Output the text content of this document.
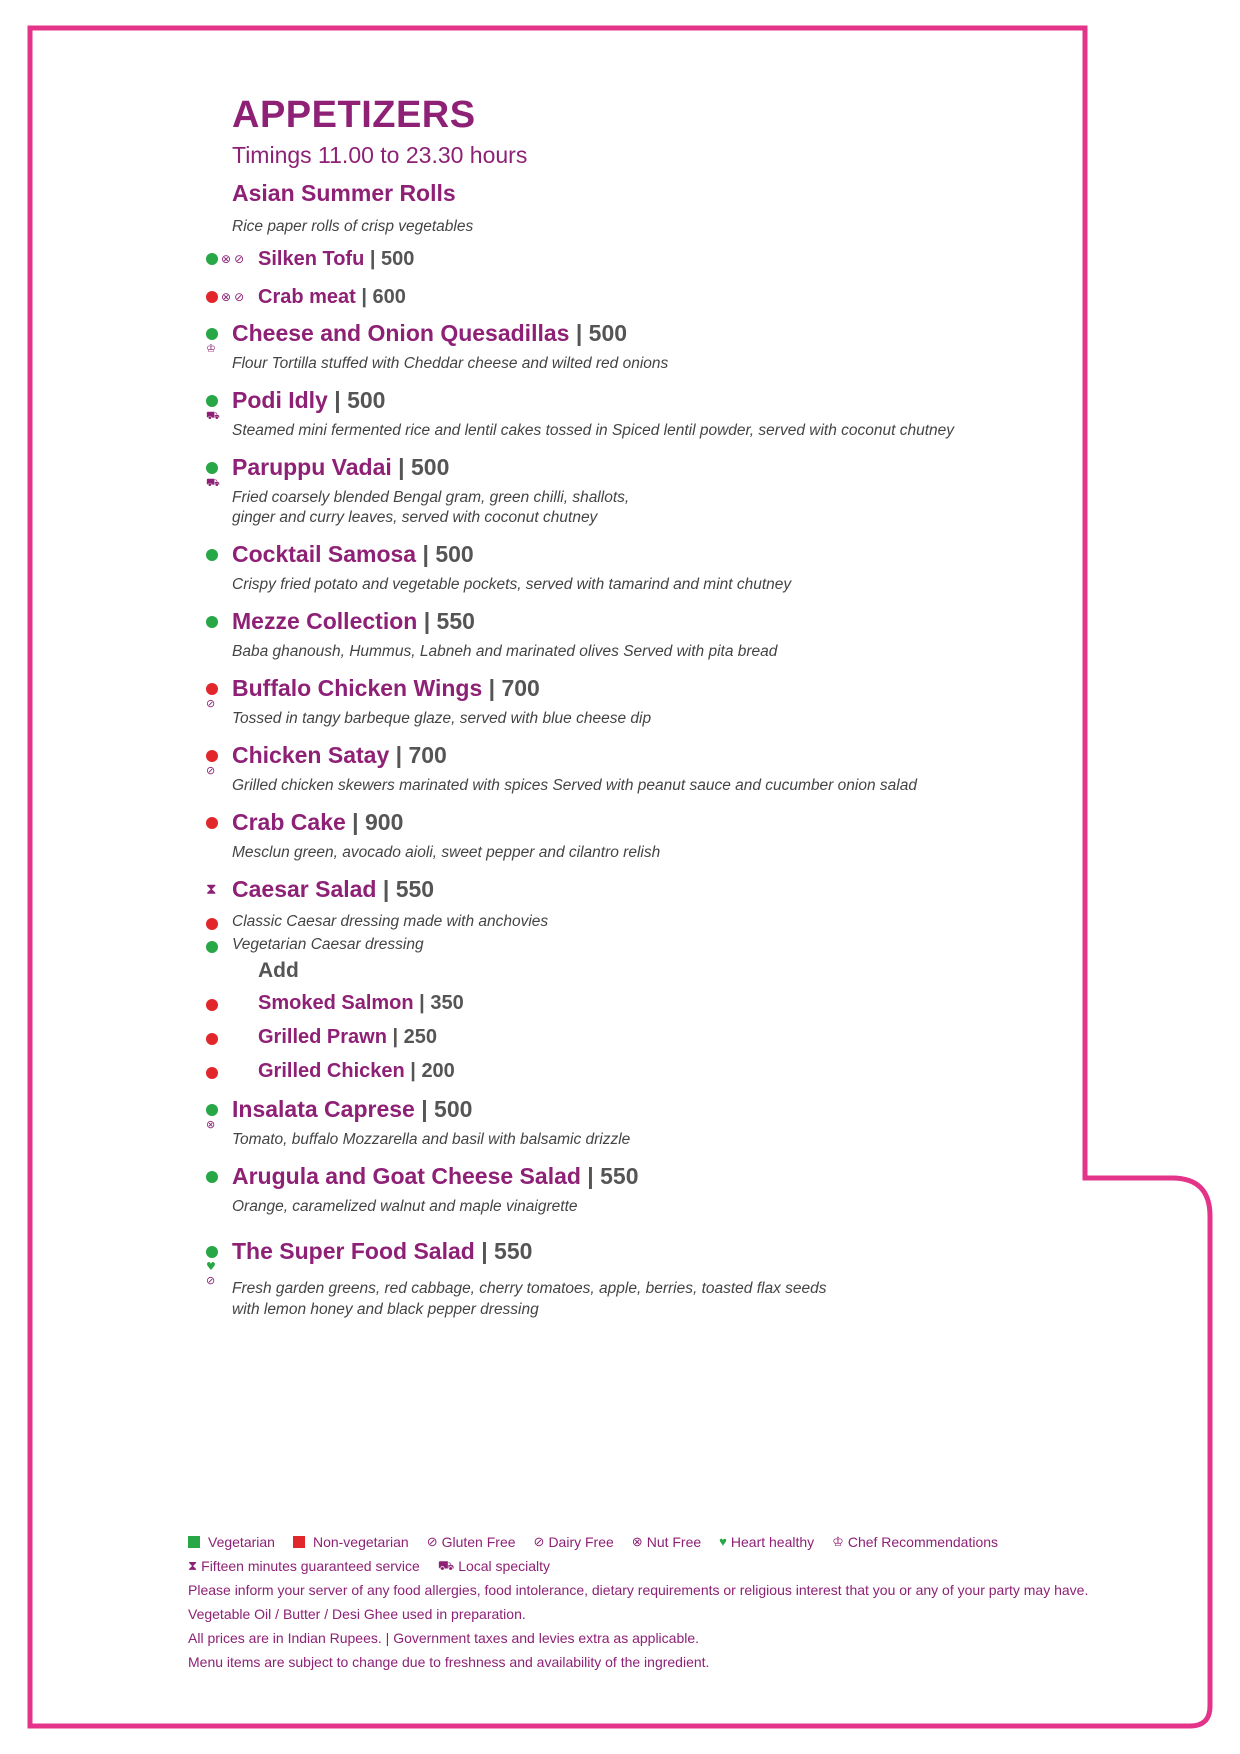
APPETIZERS
Timings 11.00 to 23.30 hours
Asian Summer Rolls
Rice paper rolls of crisp vegetables
⊗ ⊘ Silken Tofu | 500
⊗ ⊘ Crab meat | 600
♔
Cheese and Onion Quesadillas | 500
Flour Tortilla stuffed with Cheddar cheese and wilted red onions
⛟
Podi Idly | 500
Steamed mini fermented rice and lentil cakes tossed in Spiced lentil powder, served with coconut chutney
⛟
Paruppu Vadai | 500
Fried coarsely blended Bengal gram, green chilli, shallots,
ginger and curry leaves, served with coconut chutney
Cocktail Samosa | 500
Crispy fried potato and vegetable pockets, served with tamarind and mint chutney
Mezze Collection | 550
Baba ghanoush, Hummus, Labneh and marinated olives Served with pita bread
⊘
Buffalo Chicken Wings | 700
Tossed in tangy barbeque glaze, served with blue cheese dip
⊘
Chicken Satay | 700
Grilled chicken skewers marinated with spices Served with peanut sauce and cucumber onion salad
Crab Cake | 900
Mesclun green, avocado aioli, sweet pepper and cilantro relish
⧗ Caesar Salad | 550
Classic Caesar dressing made with anchovies
Vegetarian Caesar dressing
Add
Smoked Salmon | 350
Grilled Prawn | 250
Grilled Chicken | 200
⊗
Insalata Caprese | 500
Tomato, buffalo Mozzarella and basil with balsamic drizzle
Arugula and Goat Cheese Salad | 550
Orange, caramelized walnut and maple vinaigrette
♥
⊘
The Super Food Salad | 550
Fresh garden greens, red cabbage, cherry tomatoes, apple, berries, toasted flax seeds
with lemon honey and black pepper dressing
Vegetarian	Non-vegetarian ⊘ Gluten Free ⊘ Dairy Free ⊗ Nut Free ♥ Heart healthy ♔ Chef Recommendations
⧗ Fifteen minutes guaranteed service ⛟ Local specialty
Please inform your server of any food allergies, food intolerance, dietary requirements or religious interest that you or any of your party may have.
Vegetable Oil / Butter / Desi Ghee used in preparation.
All prices are in Indian Rupees. | Government taxes and levies extra as applicable.
Menu items are subject to change due to freshness and availability of the ingredient.
